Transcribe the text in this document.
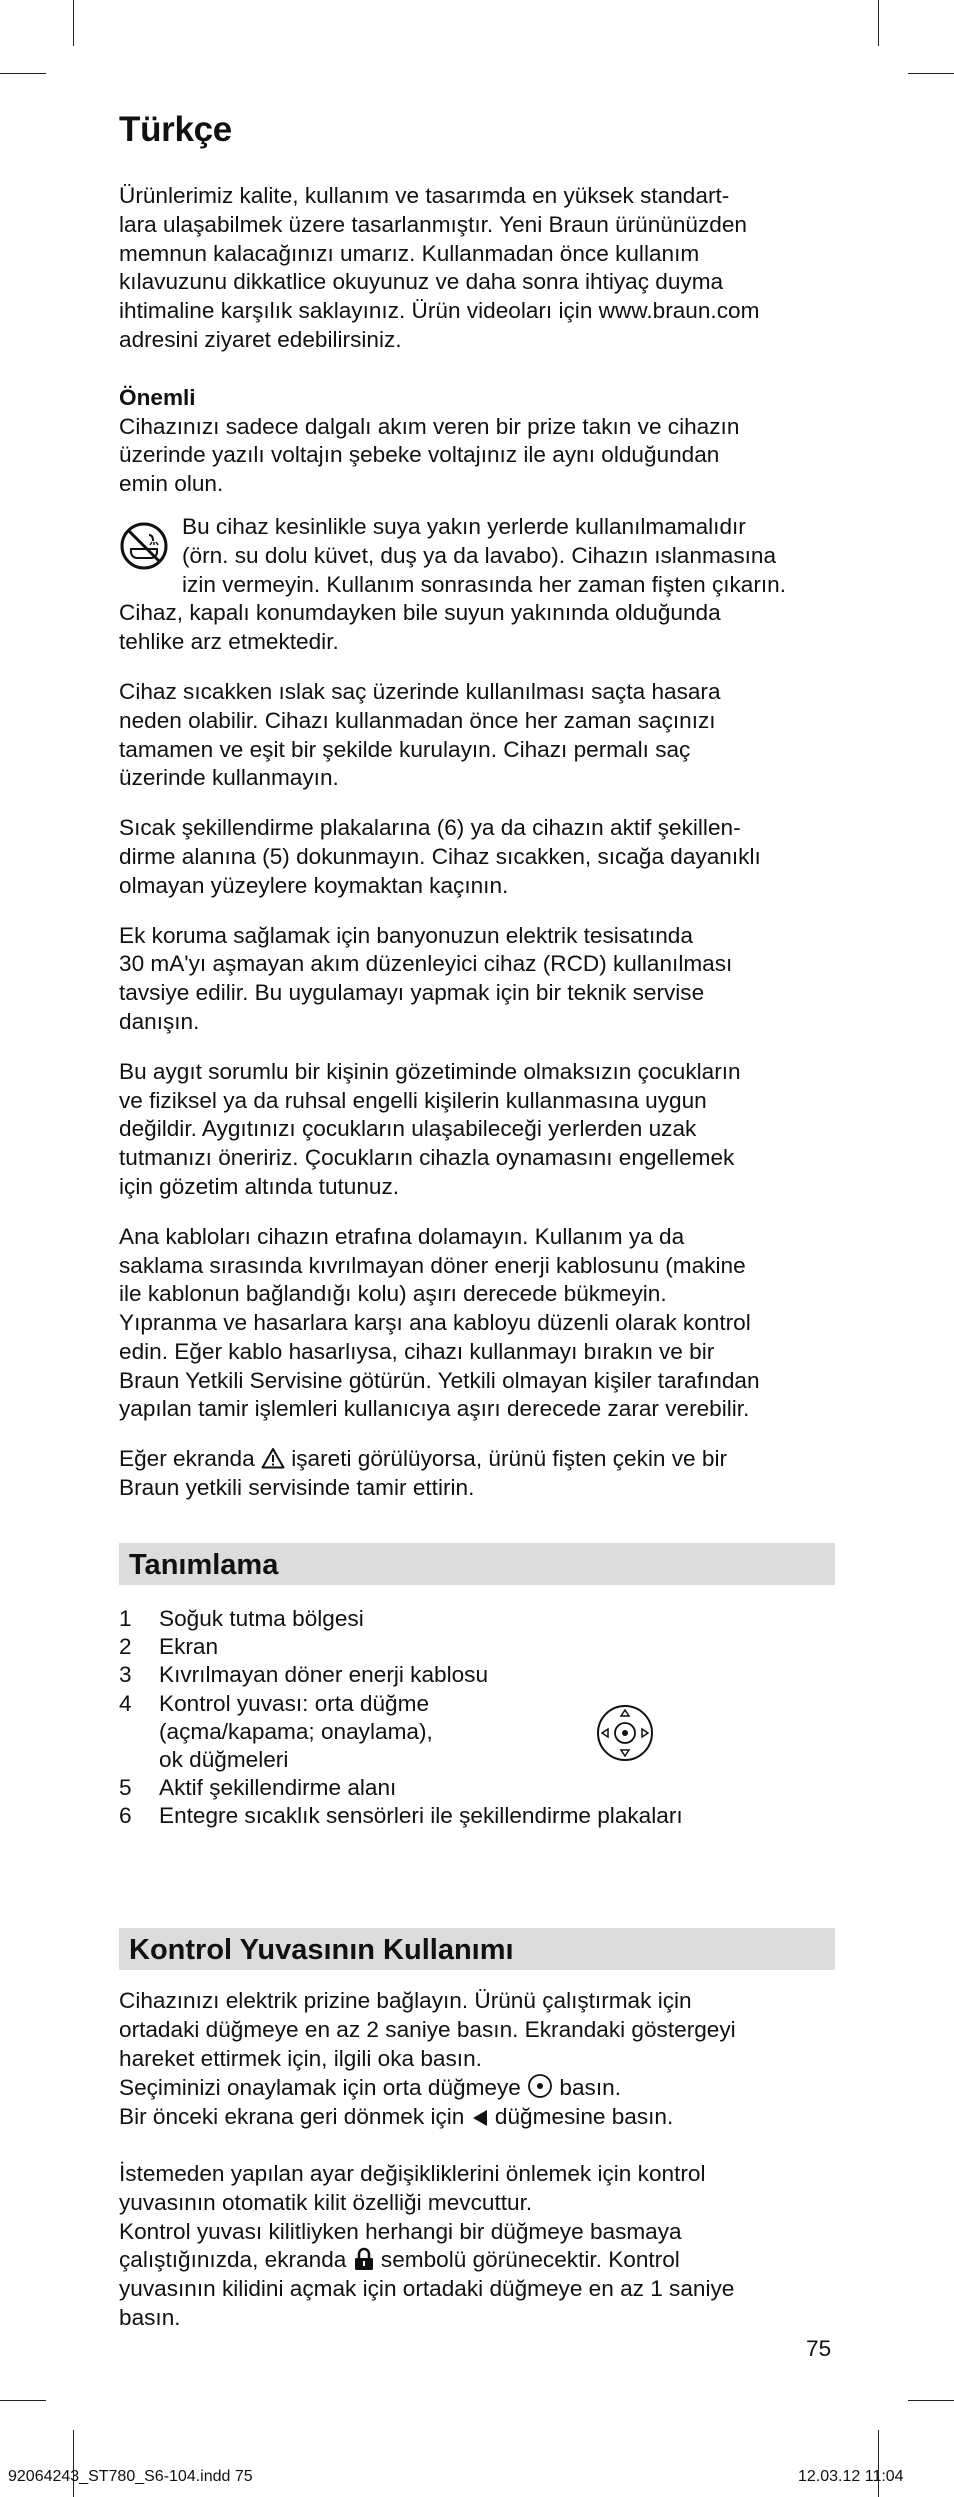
Türkçe
Ürünlerimiz kalite, kullanım ve tasarımda en yüksek standart-
lara ulaşabilmek üzere tasarlanmıştır. Yeni Braun ürününüzden
memnun kalacağınızı umarız. Kullanmadan önce kullanım
kılavuzunu dikkatlice okuyunuz ve daha sonra ihtiyaç duyma
ihtimaline karşılık saklayınız. Ürün videoları için www.braun.com
adresini ziyaret edebilirsiniz.
Önemli
Cihazınızı sadece dalgalı akım veren bir prize takın ve cihazın
üzerinde yazılı voltajın şebeke voltajınız ile aynı olduğundan
emin olun.
Bu cihaz kesinlikle suya yakın yerlerde kullanılmamalıdır
(örn. su dolu küvet, duş ya da lavabo). Cihazın ıslanmasına
izin vermeyin. Kullanım sonrasında her zaman fişten çıkarın.
Cihaz, kapalı konumdayken bile suyun yakınında olduğunda
tehlike arz etmektedir.
Cihaz sıcakken ıslak saç üzerinde kullanılması saçta hasara
neden olabilir. Cihazı kullanmadan önce her zaman saçınızı
tamamen ve eşit bir şekilde kurulayın. Cihazı permalı saç
üzerinde kullanmayın.
Sıcak şekillendirme plakalarına (6) ya da cihazın aktif şekillen-
dirme alanına (5) dokunmayın. Cihaz sıcakken, sıcağa dayanıklı
olmayan yüzeylere koymaktan kaçının.
Ek koruma sağlamak için banyonuzun elektrik tesisatında
30 mA'yı aşmayan akım düzenleyici cihaz (RCD) kullanılması
tavsiye edilir. Bu uygulamayı yapmak için bir teknik servise
danışın.
Bu aygıt sorumlu bir kişinin gözetiminde olmaksızın çocukların
ve fiziksel ya da ruhsal engelli kişilerin kullanmasına uygun
değildir. Aygıtınızı çocukların ulaşabileceği yerlerden uzak
tutmanızı öneririz. Çocukların cihazla oynamasını engellemek
için gözetim altında tutunuz.
Ana kabloları cihazın etrafına dolamayın. Kullanım ya da
saklama sırasında kıvrılmayan döner enerji kablosunu (makine
ile kablonun bağlandığı kolu) aşırı derecede bükmeyin.
Yıpranma ve hasarlara karşı ana kabloyu düzenli olarak kontrol
edin. Eğer kablo hasarlıysa, cihazı kullanmayı bırakın ve bir
Braun Yetkili Servisine götürün. Yetkili olmayan kişiler tarafından
yapılan tamir işlemleri kullanıcıya aşırı derecede zarar verebilir.
Eğer ekranda işareti görülüyorsa, ürünü fişten çekin ve bir
Braun yetkili servisinde tamir ettirin.
Tanımlama
1 Soğuk tutma bölgesi
2 Ekran
3 Kıvrılmayan döner enerji kablosu
4 Kontrol yuvası: orta düğme
(açma/kapama; onaylama),
ok düğmeleri
5 Aktif şekillendirme alanı
6 Entegre sıcaklık sensörleri ile şekillendirme plakaları
Kontrol Yuvasının Kullanımı
Cihazınızı elektrik prizine bağlayın. Ürünü çalıştırmak için
ortadaki düğmeye en az 2 saniye basın. Ekrandaki göstergeyi
hareket ettirmek için, ilgili oka basın.
Seçiminizi onaylamak için orta düğmeye basın.
Bir önceki ekrana geri dönmek için düğmesine basın.
İstemeden yapılan ayar değişikliklerini önlemek için kontrol
yuvasının otomatik kilit özelliği mevcuttur.
Kontrol yuvası kilitliyken herhangi bir düğmeye basmaya
çalıştığınızda, ekranda sembolü görünecektir. Kontrol
yuvasının kilidini açmak için ortadaki düğmeye en az 1 saniye
basın.
75
92064243_ST780_S6-104.indd 75	12.03.12 11:04
